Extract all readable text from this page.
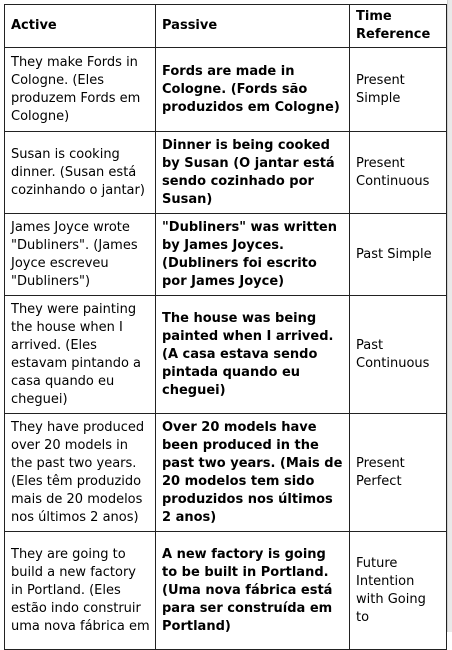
Active	Passive	Time Reference
They make Fords in Cologne. (Eles produzem Fords em Cologne)	Fords are made in Cologne. (Fords são produzidos em Cologne)	Present Simple
Susan is cooking dinner. (Susan está cozinhando o jantar)	Dinner is being cooked by Susan (O jantar está sendo cozinhado por Susan)	Present Continuous
James Joyce wrote "Dubliners". (James Joyce escreveu "Dubliners")	"Dubliners" was written by James Joyces. (Dubliners foi escrito por James Joyce)	Past Simple
They were painting the house when I arrived. (Eles estavam pintando a casa quando eu cheguei)	The house was being painted when I arrived. (A casa estava sendo pintada quando eu cheguei)	Past Continuous
They have produced over 20 models in the past two years. (Eles têm produzido mais de 20 modelos nos últimos 2 anos)	Over 20 models have been produced in the past two years. (Mais de 20 modelos tem sido produzidos nos últimos 2 anos)	Present Perfect
They are going to build a new factory in Portland. (Eles estão indo construir uma nova fábrica em	A new factory is going to be built in Portland. (Uma nova fábrica está para ser construída em Portland)	Future Intention with Going to
